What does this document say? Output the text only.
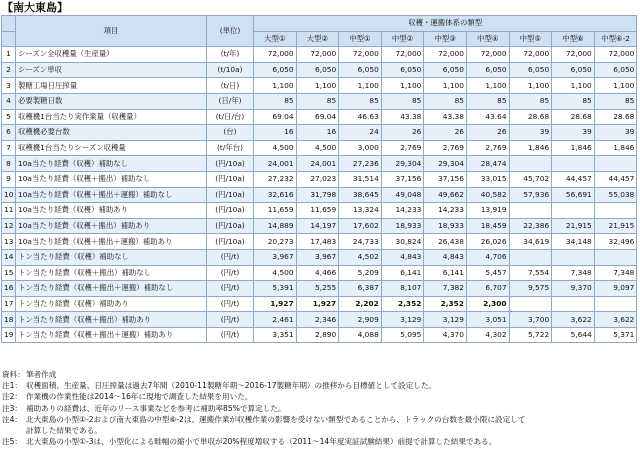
【南大東島】
	項目	(単位)	収穫・運搬体系の類型								
			大型①	大型②	中型①	中型②	中型③	中型④	中型⑤	中型⑥	中型⑥-2
1	シーズン全収穫量（生産量）	(t/年)	72,000	72,000	72,000	72,000	72,000	72,000	72,000	72,000	72,000
2	シーズン単収	(t/10a)	6,050	6,050	6,050	6,050	6,050	6,050	6,050	6,050	6,050
3	製糖工場日圧搾量	(t/日)	1,100	1,100	1,100	1,100	1,100	1,100	1,100	1,100	1,100
4	必要製糖日数	(日/年)	85	85	85	85	85	85	85	85	85
5	収穫機1台当たり実作業量（収穫量）	(t/日/台)	69.04	69.04	46.63	43.38	43.38	43.64	28.68	28.68	28.68
6	収穫機必要台数	(台)	16	16	24	26	26	26	39	39	39
7	収穫機1台当たりシーズン収穫量	(t/年台)	4,500	4,500	3,000	2,769	2,769	2,769	1,846	1,846	1,846
8	10a当たり経費（収穫）補助なし	(円/10a)	24,001	24,001	27,236	29,304	29,304	28,474			
9	10a当たり経費（収穫＋搬出）補助なし	(円/10a)	27,232	27,023	31,514	37,156	37,156	33,015	45,702	44,457	44,457
10	10a当たり経費（収穫＋搬出＋運搬）補助なし	(円/10a)	32,616	31,798	38,645	49,048	49,662	40,582	57,936	56,691	55,038
11	10a当たり経費（収穫）補助あり	(円/10a)	11,659	11,659	13,324	14,233	14,233	13,919			
12	10a当たり経費（収穫＋搬出）補助あり	(円/10a)	14,889	14,197	17,602	18,933	18,933	18,459	22,386	21,915	21,915
13	10a当たり経費（収穫＋搬出＋運搬）補助あり	(円/10a)	20,273	17,483	24,733	30,824	26,438	26,026	34,619	34,148	32,496
14	トン当たり経費（収穫）補助なし	(円/t)	3,967	3,967	4,502	4,843	4,843	4,706			
15	トン当たり経費（収穫＋搬出）補助なし	(円/t)	4,500	4,466	5,209	6,141	6,141	5,457	7,554	7,348	7,348
16	トン当たり経費（収穫＋搬出＋運搬）補助なし	(円/t)	5,391	5,255	6,387	8,107	7,382	6,707	9,575	9,370	9,097
17	トン当たり経費（収穫）補助あり	(円/t)	1,927	1,927	2,202	2,352	2,352	2,300			
18	トン当たり経費（収穫＋搬出）補助あり	(円/t)	2,461	2,346	2,909	3,129	3,129	3,051	3,700	3,622	3,622
19	トン当たり経費（収穫＋搬出＋運搬）補助あり	(円/t)	3,351	2,890	4,088	5,095	4,370	4,302	5,722	5,644	5,371
資料： 筆者作成
注1： 収穫面積、生産量、日圧搾量は過去7年間（2010-11製糖年期～2016-17製糖年期）の推移から目標値として設定した。
注2： 作業機の作業性能は2014～16年に現地で調査した結果を用いた。
注3： 補助ありの経費は、近年のリース事業などを参考に補助率85%で算定した。
注4： 北大東島の小型①-2および南大東島の中型⑥-2は、運搬作業が収穫作業の影響を受けない類型であることから、トラックの台数を最小限に設定して
計算した結果である。
注5： 北大東島の小型①-3は、小型化による畦幅の縮小で単収が20%程度増収する（2011～14年度実証試験結果）前提で計算した結果である。
